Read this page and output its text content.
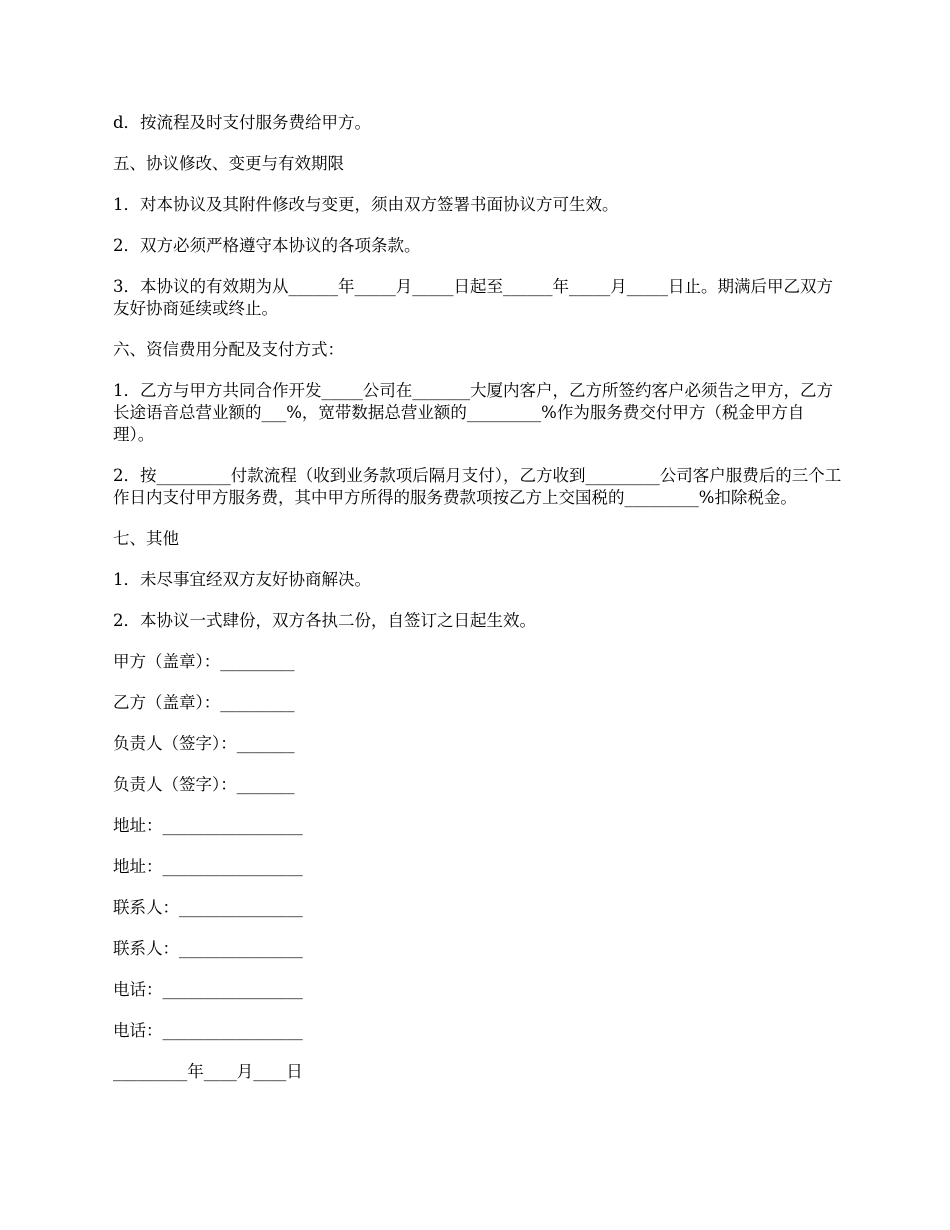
d．按流程及时支付服务费给甲方。

五、协议修改、变更与有效期限

1．对本协议及其附件修改与变更，须由双方签署书面协议方可生效。

2．双方必须严格遵守本协议的各项条款。

3．本协议的有效期为从______年_____月_____日起至______年_____月_____日止。期满后甲乙双方友好协商延续或终止。

六、资信费用分配及支付方式：

1．乙方与甲方共同合作开发_____公司在_______大厦内客户，乙方所签约客户必须告之甲方，乙方长途语音总营业额的___%，宽带数据总营业额的_________%作为服务费交付甲方（税金甲方自理）。

2．按_________付款流程（收到业务款项后隔月支付），乙方收到_________公司客户服费后的三个工作日内支付甲方服务费，其中甲方所得的服务费款项按乙方上交国税的_________%扣除税金。

七、其他

1．未尽事宜经双方友好协商解决。

2．本协议一式肆份，双方各执二份，自签订之日起生效。

甲方（盖章）：_________

乙方（盖章）：_________

负责人（签字）：_______

负责人（签字）：_______

地址：_________________

地址：_________________

联系人：_______________

联系人：_______________

电话：_________________

电话：_________________

_________年____月____日
